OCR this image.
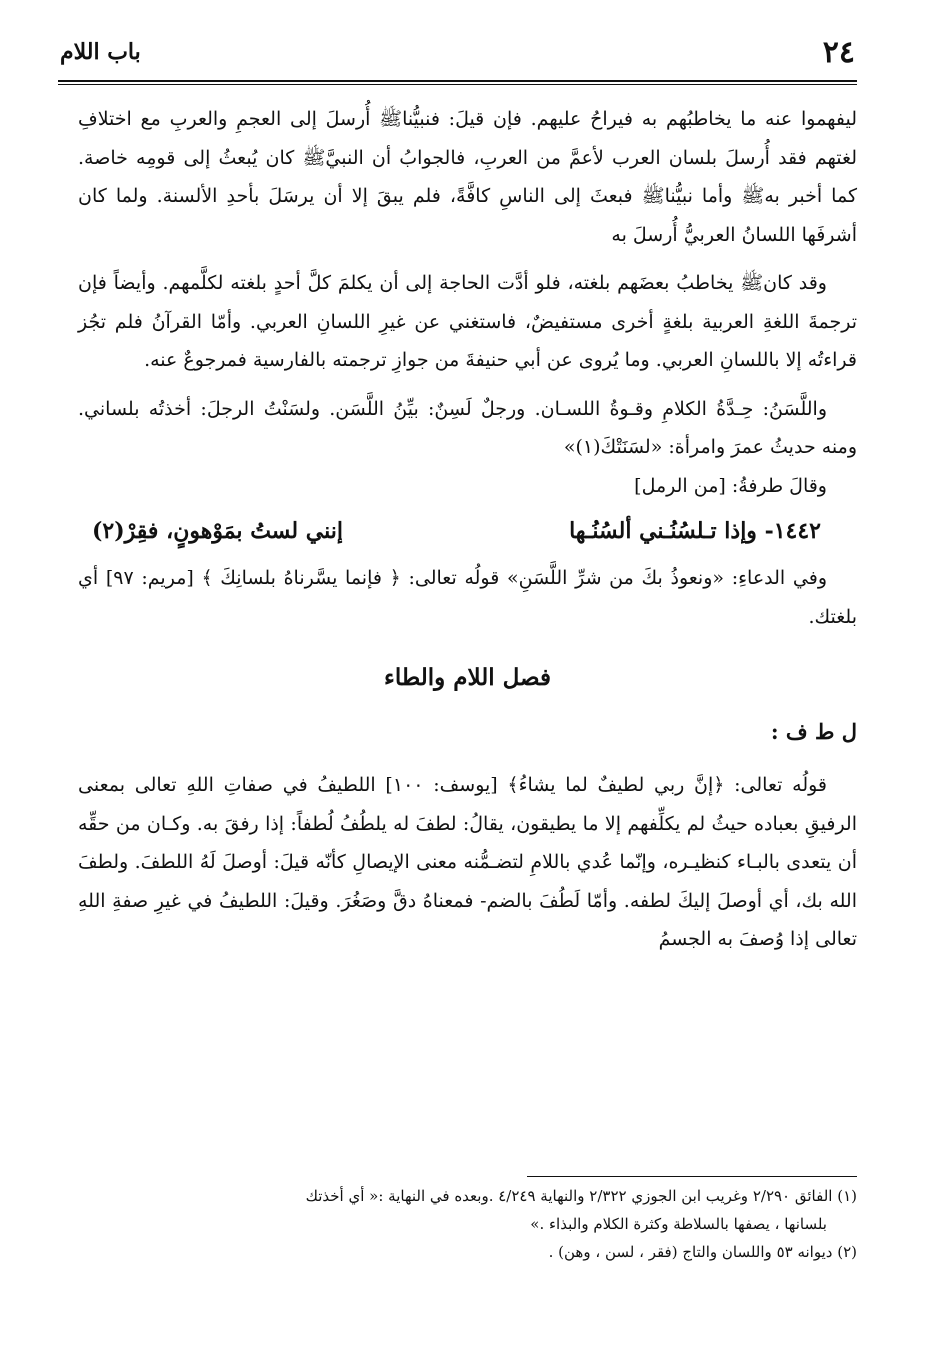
٢٤
باب اللام

ليفهموا عنه ما يخاطبُهم به فيراحُ عليهم. فإن قيلَ: فنبيُّناﷺ أُرسلَ إلى العجمِ والعربِ مع اختلافِ لغتهم فقد أُرسلَ بلسان العرب لأعمَّ من العربِ، فالجوابُ أن النبيَّﷺ كان يُبعثُ إلى قومِه خاصة. كما أخبر بهﷺ وأما نبيُّناﷺ فبعثَ إلى الناسِ كافَّةً، فلم يبقَ إلا أن يرسَلَ بأحدِ الألسنة. ولما كان أشرفَها اللسانُ العربيُّ أُرسلَ به

وقد كانﷺ يخاطبُ بعضَهم بلغته، فلو أدَّت الحاجة إلى أن يكلمَ كلَّ أحدٍ بلغته لكلَّمهم. وأيضاً فإن ترجمةَ اللغةِ العربية بلغةٍ أخرى مستفيضٌ، فاستغني عن غيرِ اللسانِ العربي. وأمّا القرآنُ فلم تجُز قراءتُه إلا باللسانِ العربي. وما يُروى عن أبي حنيفةَ من جوازِ ترجمته بالفارسية فمرجوعٌ عنه.

واللَّسَنُ: حِـدَّةُ الكلامِ وقـوةُ اللسـان. ورجلٌ لَسِنٌ: بيِّنُ اللَّسَن. ولسَنْتُ الرجلَ: أخذتُه بلساني. ومنه حديثُ عمرَ وامرأة: «لسَنَتْكَ(١)»

وقالَ طرفةُ: [من الرمل]

١٤٤٢- وإذا تـلسُنُـني ألسُنُـها
إنني لستُ بمَوْهونٍ، فقِرْ(٢)

وفي الدعاءِ: «ونعوذُ بكَ من شرِّ اللَّسَنِ» قولُه تعالى: ﴿ فإنما يسَّرناهُ بلسانِكَ ﴾ [مريم: ٩٧] أي بلغتك.

فصل اللام والطاء
ل ط ف :

قولُه تعالى: ﴿إنَّ ربي لطيفٌ لما يشاءُ﴾ [يوسف: ١٠٠] اللطيفُ في صفاتِ اللهِ تعالى بمعنى الرفيقِ بعباده حيثُ لم يكلِّفهم إلا ما يطيقون، يقالُ: لطفَ له يلطُفُ لُطفاً: إذا رفقَ به. وكـان من حقِّه أن يتعدى بالبـاء كنظيـره، وإنّما عُدي باللامِ لتضـمُّنه معنى الإيصالِ كأنّه قيلَ: أوصلَ لَهُ اللطفَ. ولطفَ الله بك، أي أوصلَ إليكَ لطفه. وأمّا لَطُفَ بالضم- فمعناهُ دقَّ وصَغُرَ. وقيلَ: اللطيفُ في غيرِ صفةِ اللهِ تعالى إذا وُصفَ به الجسمُ

(١) الفائق ٢/٢٩٠ وغريب ابن الجوزي ٢/٣٢٢ والنهاية ٤/٢٤٩ .وبعده في النهاية :« أي أخذتك

بلسانها ، يصفها بالسلاطة وكثرة الكلام والبذاء .»

(٢) ديوانه ٥٣ واللسان والتاج (فقر ، لسن ، وهن) .
